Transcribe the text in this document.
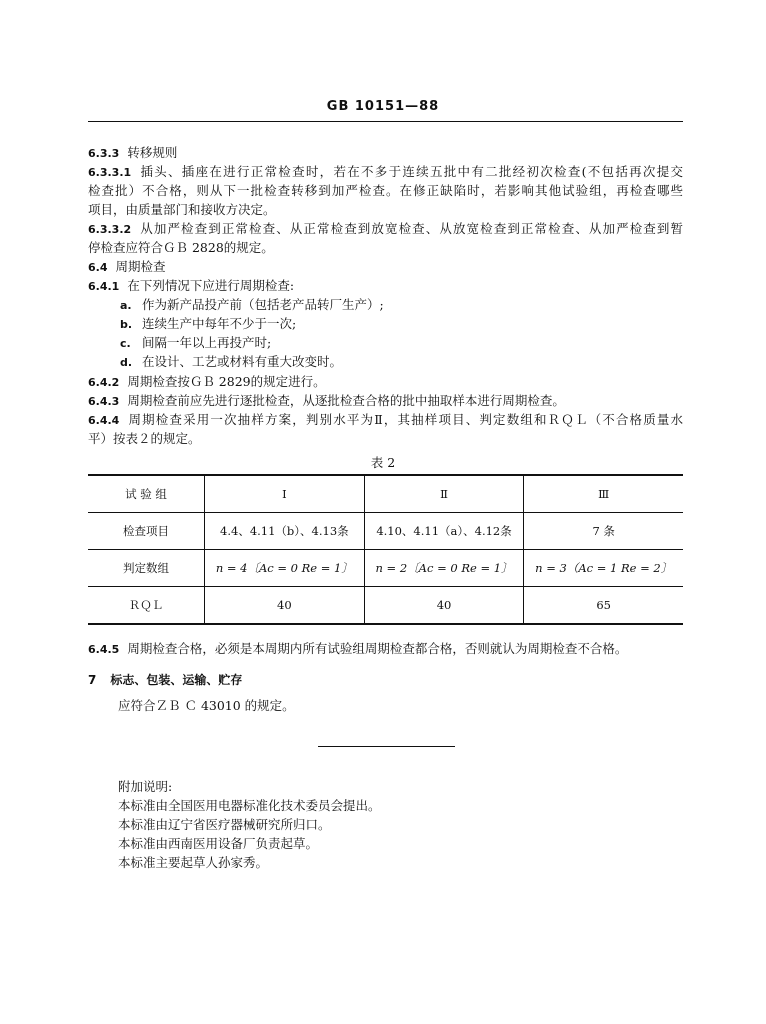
GB 10151—88
6.3.3 转移规则
6.3.3.1 插头、插座在进行正常检查时，若在不多于连续五批中有二批经初次检查(不包括再次提交
检查批）不合格，则从下一批检查转移到加严检查。在修正缺陷时，若影响其他试验组，再检查哪些
项目，由质量部门和接收方决定。
6.3.3.2 从加严检查到正常检查、从正常检查到放宽检查、从放宽检查到正常检查、从加严检查到暂
停检查应符合ＧＢ 2828的规定。
6.4 周期检查
6.4.1 在下列情况下应进行周期检查:
a. 作为新产品投产前（包括老产品转厂生产）;
b. 连续生产中每年不少于一次;
c. 间隔一年以上再投产时;
d. 在设计、工艺或材料有重大改变时。
6.4.2 周期检查按ＧＢ 2829的规定进行。
6.4.3 周期检查前应先进行逐批检查，从逐批检查合格的批中抽取样本进行周期检查。
6.4.4 周期检查采用一次抽样方案，判别水平为Ⅱ，其抽样项目、判定数组和ＲＱＬ（不合格质量水
平）按表２的规定。
表 2
试 验 组	Ⅰ	Ⅱ	Ⅲ
检查项目	4.4、4.11（b）、4.13条	4.10、4.11（a）、4.12条	7 条
判定数组	n = 4〔Ac = 0 Re = 1〕	n = 2〔Ac = 0 Re = 1〕	n = 3（Ac = 1 Re = 2〕
ＲＱＬ	40	40	65
6.4.5 周期检查合格，必须是本周期内所有试验组周期检查都合格，否则就认为周期检查不合格。
7 标志、包装、运输、贮存
应符合ＺＢ Ｃ 43010 的规定。
附加说明:
本标准由全国医用电器标准化技术委员会提出。
本标准由辽宁省医疗器械研究所归口。
本标准由西南医用设备厂负责起草。
本标准主要起草人孙家秀。
